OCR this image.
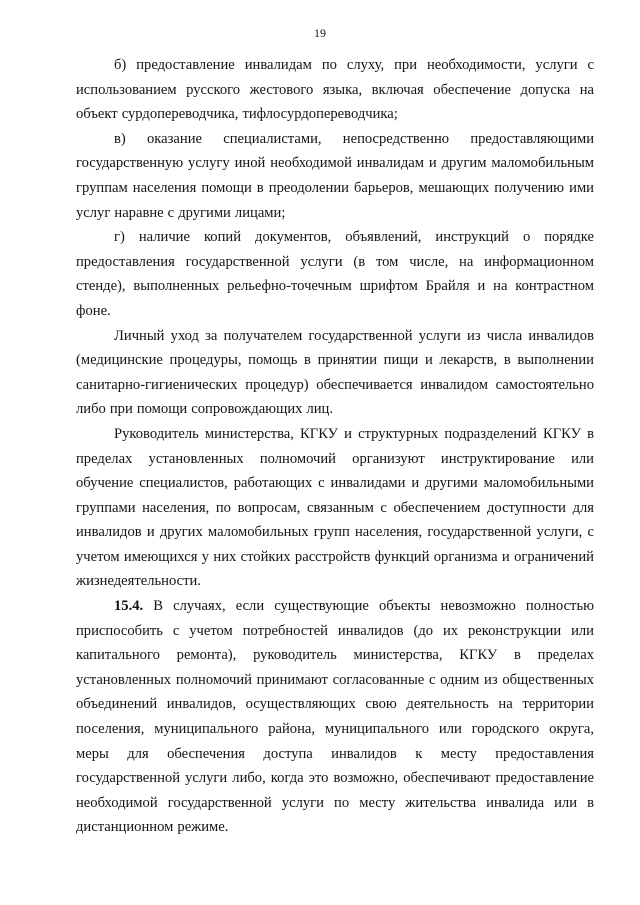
19

б) предоставление инвалидам по слуху, при необходимости, услуги с использованием русского жестового языка, включая обеспечение допуска на объект сурдопереводчика, тифлосурдопереводчика;

в) оказание специалистами, непосредственно предоставляющими государственную услугу иной необходимой инвалидам и другим маломобильным группам населения помощи в преодолении барьеров, мешающих получению ими услуг наравне с другими лицами;

г) наличие копий документов, объявлений, инструкций о порядке предоставления государственной услуги (в том числе, на информационном стенде), выполненных рельефно-точечным шрифтом Брайля и на контрастном фоне.

Личный уход за получателем государственной услуги из числа инвалидов (медицинские процедуры, помощь в принятии пищи и лекарств, в выполнении санитарно-гигиенических процедур) обеспечивается инвалидом самостоятельно либо при помощи сопровождающих лиц.

Руководитель министерства, КГКУ и структурных подразделений КГКУ в пределах установленных полномочий организуют инструктирование или обучение специалистов, работающих с инвалидами и другими маломобильными группами населения, по вопросам, связанным с обеспечением доступности для инвалидов и других маломобильных групп населения, государственной услуги, с учетом имеющихся у них стойких расстройств функций организма и ограничений жизнедеятельности.

15.4. В случаях, если существующие объекты невозможно полностью приспособить с учетом потребностей инвалидов (до их реконструкции или капитального ремонта), руководитель министерства, КГКУ в пределах установленных полномочий принимают согласованные с одним из общественных объединений инвалидов, осуществляющих свою деятельность на территории поселения, муниципального района, муниципального или городского округа, меры для обеспечения доступа инвалидов к месту предоставления государственной услуги либо, когда это возможно, обеспечивают предоставление необходимой государственной услуги по месту жительства инвалида или в дистанционном режиме.
